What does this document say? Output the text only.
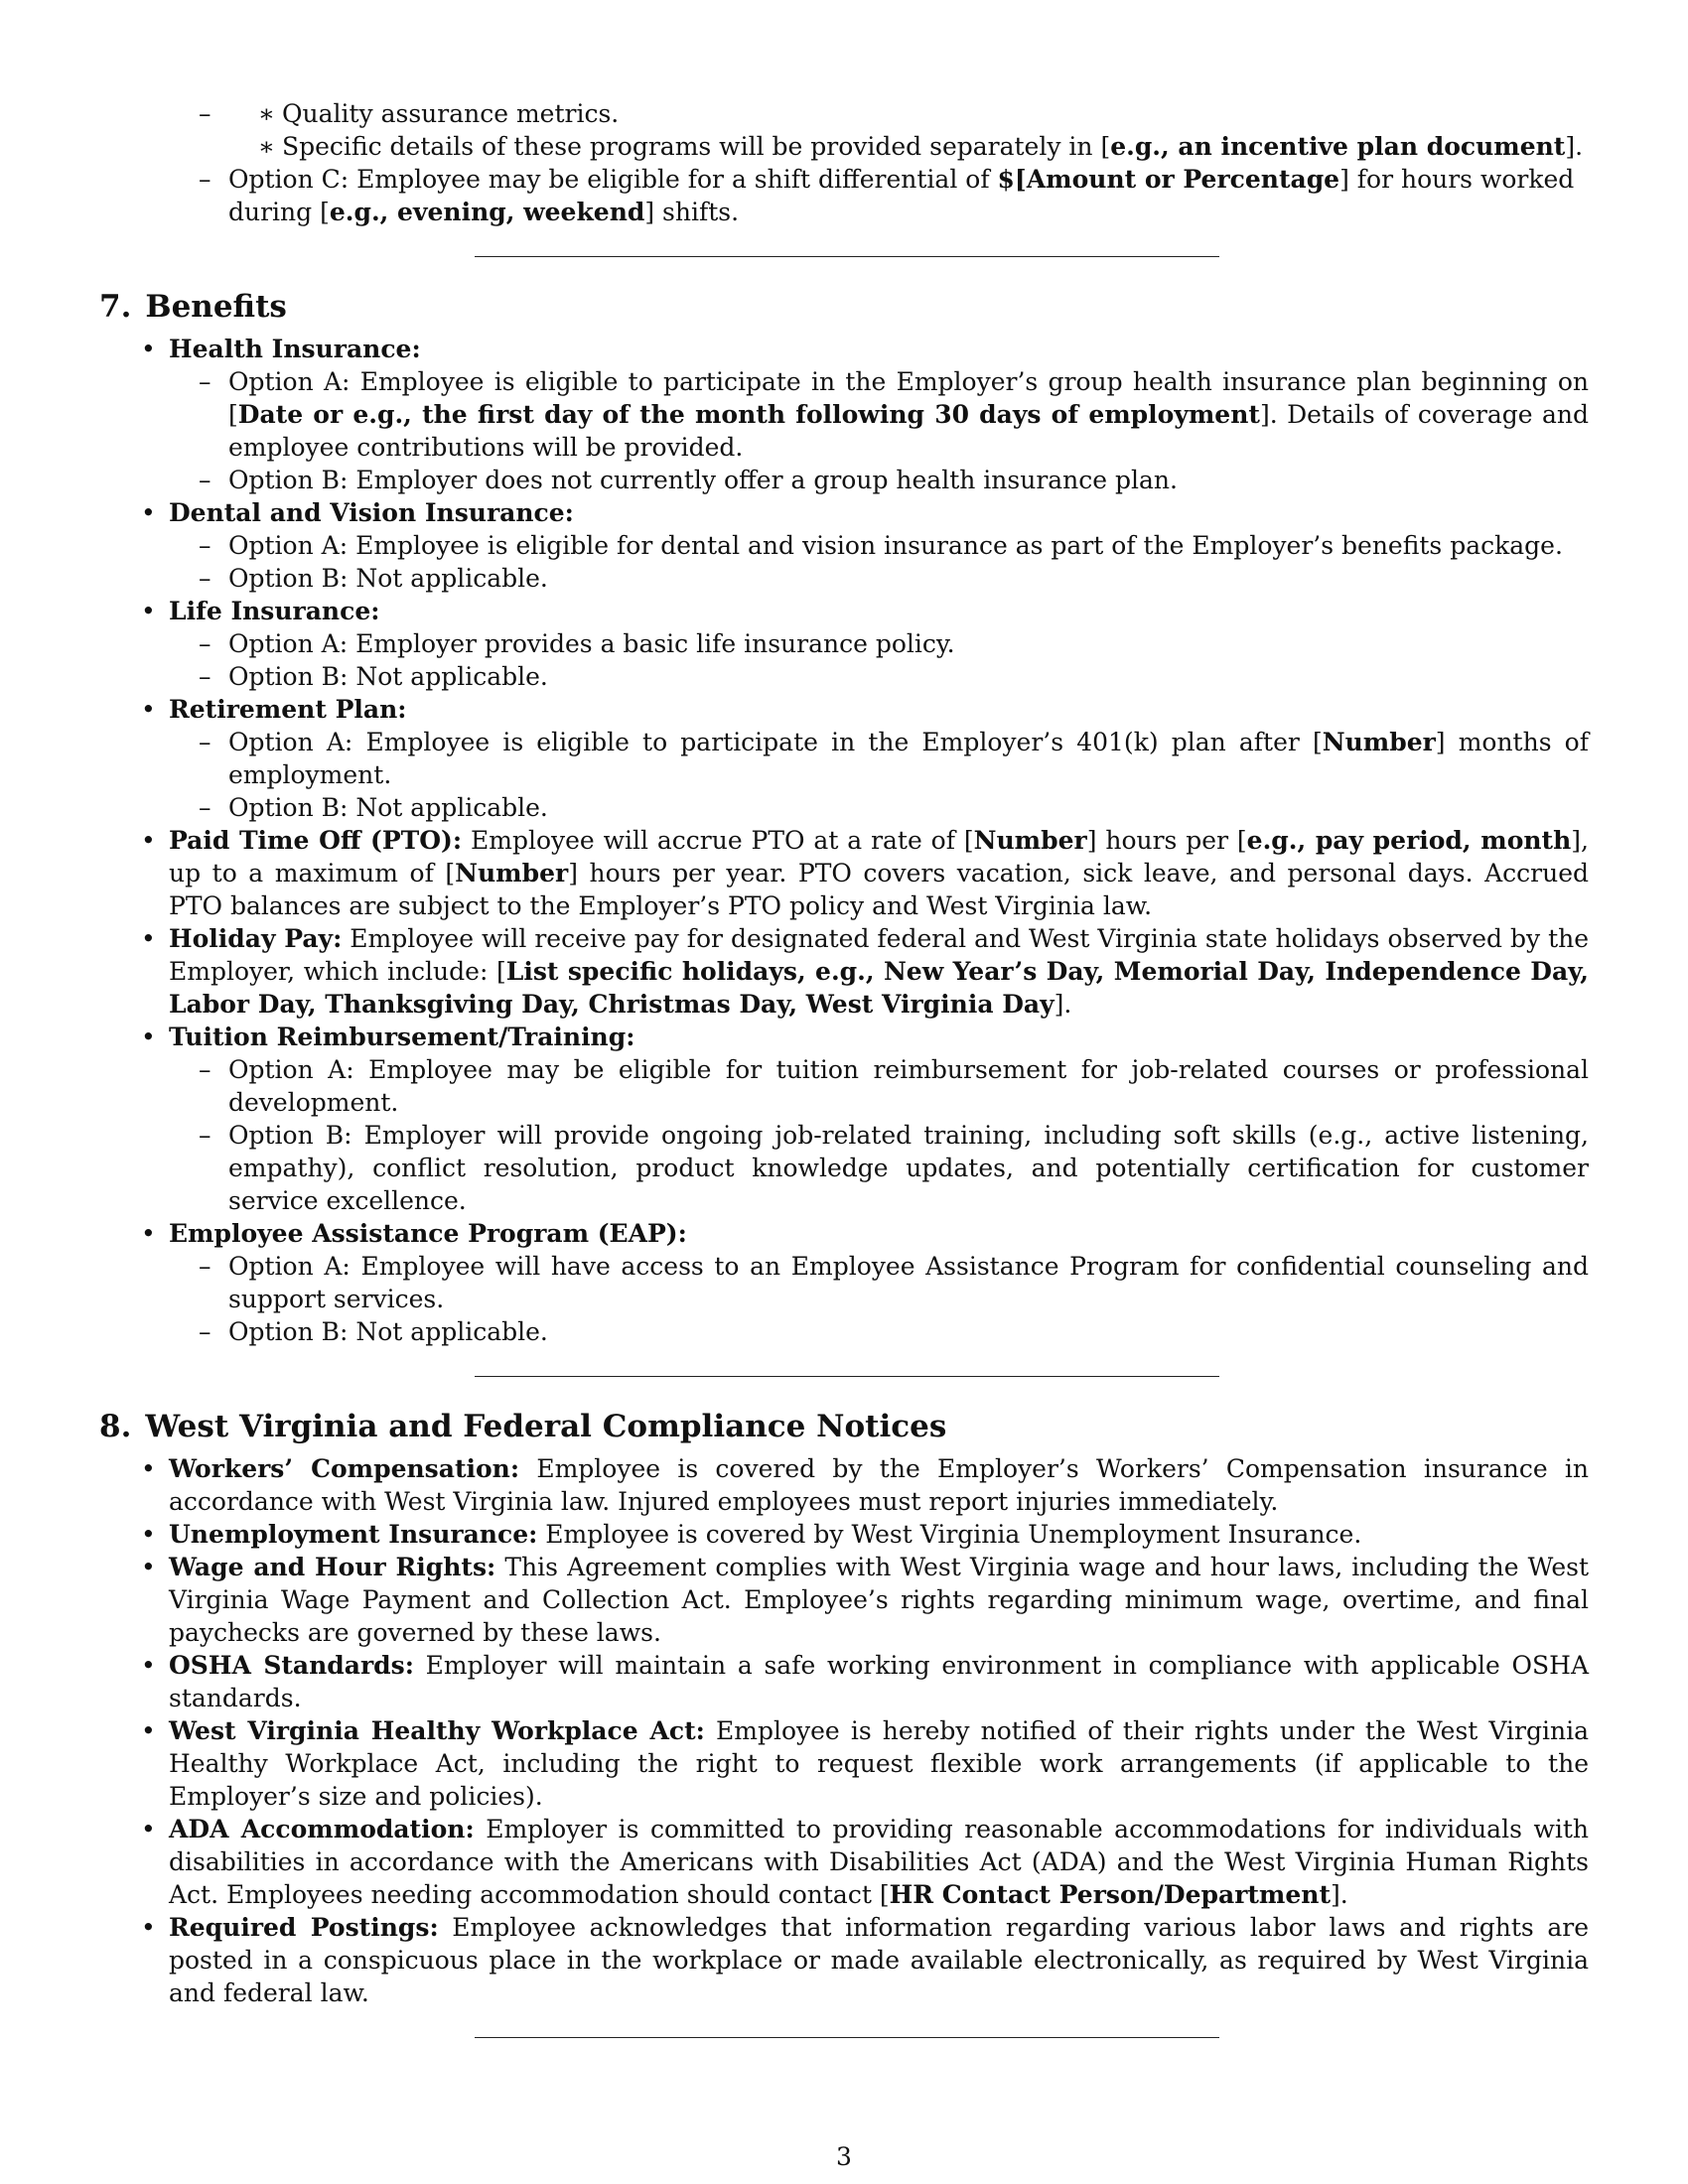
∗ – Quality assurance metrics.
∗ Specific details of these programs will be provided separately in [e.g., an incentive plan document].
– Option C: Employee may be eligible for a shift differential of $[Amount or Percentage] for hours worked during [e.g., evening, weekend] shifts.
7. Benefits
• Health Insurance:
– Option A: Employee is eligible to participate in the Employer’s group health insurance plan beginning on [Date or e.g., the first day of the month following 30 days of employment]. Details of coverage and employee contributions will be provided.
– Option B: Employer does not currently offer a group health insurance plan.
• Dental and Vision Insurance:
– Option A: Employee is eligible for dental and vision insurance as part of the Employer’s benefits package.
– Option B: Not applicable.
• Life Insurance:
– Option A: Employer provides a basic life insurance policy.
– Option B: Not applicable.
• Retirement Plan:
– Option A: Employee is eligible to participate in the Employer’s 401(k) plan after [Number] months of employment.
– Option B: Not applicable.
• Paid Time Off (PTO): Employee will accrue PTO at a rate of [Number] hours per [e.g., pay period, month], up to a maximum of [Number] hours per year. PTO covers vacation, sick leave, and personal days. Accrued PTO balances are subject to the Employer’s PTO policy and West Virginia law.
• Holiday Pay: Employee will receive pay for designated federal and West Virginia state holidays observed by the Employer, which include: [List specific holidays, e.g., New Year’s Day, Memorial Day, Independence Day, Labor Day, Thanksgiving Day, Christmas Day, West Virginia Day].
• Tuition Reimbursement/Training:
– Option A: Employee may be eligible for tuition reimbursement for job-related courses or professional development.
– Option B: Employer will provide ongoing job-related training, including soft skills (e.g., active listening, empathy), conflict resolution, product knowledge updates, and potentially certification for customer service excellence.
• Employee Assistance Program (EAP):
– Option A: Employee will have access to an Employee Assistance Program for confidential counseling and support services.
– Option B: Not applicable.
8. West Virginia and Federal Compliance Notices
• Workers’ Compensation: Employee is covered by the Employer’s Workers’ Compensation insurance in accordance with West Virginia law. Injured employees must report injuries immediately.
• Unemployment Insurance: Employee is covered by West Virginia Unemployment Insurance.
• Wage and Hour Rights: This Agreement complies with West Virginia wage and hour laws, including the West Virginia Wage Payment and Collection Act. Employee’s rights regarding minimum wage, overtime, and final paychecks are governed by these laws.
• OSHA Standards: Employer will maintain a safe working environment in compliance with applicable OSHA standards.
• West Virginia Healthy Workplace Act: Employee is hereby notified of their rights under the West Virginia Healthy Workplace Act, including the right to request flexible work arrangements (if applicable to the Employer’s size and policies).
• ADA Accommodation: Employer is committed to providing reasonable accommodations for individuals with disabilities in accordance with the Americans with Disabilities Act (ADA) and the West Virginia Human Rights Act. Employees needing accommodation should contact [HR Contact Person/Department].
• Required Postings: Employee acknowledges that information regarding various labor laws and rights are posted in a conspicuous place in the workplace or made available electronically, as required by West Virginia and federal law.
3
